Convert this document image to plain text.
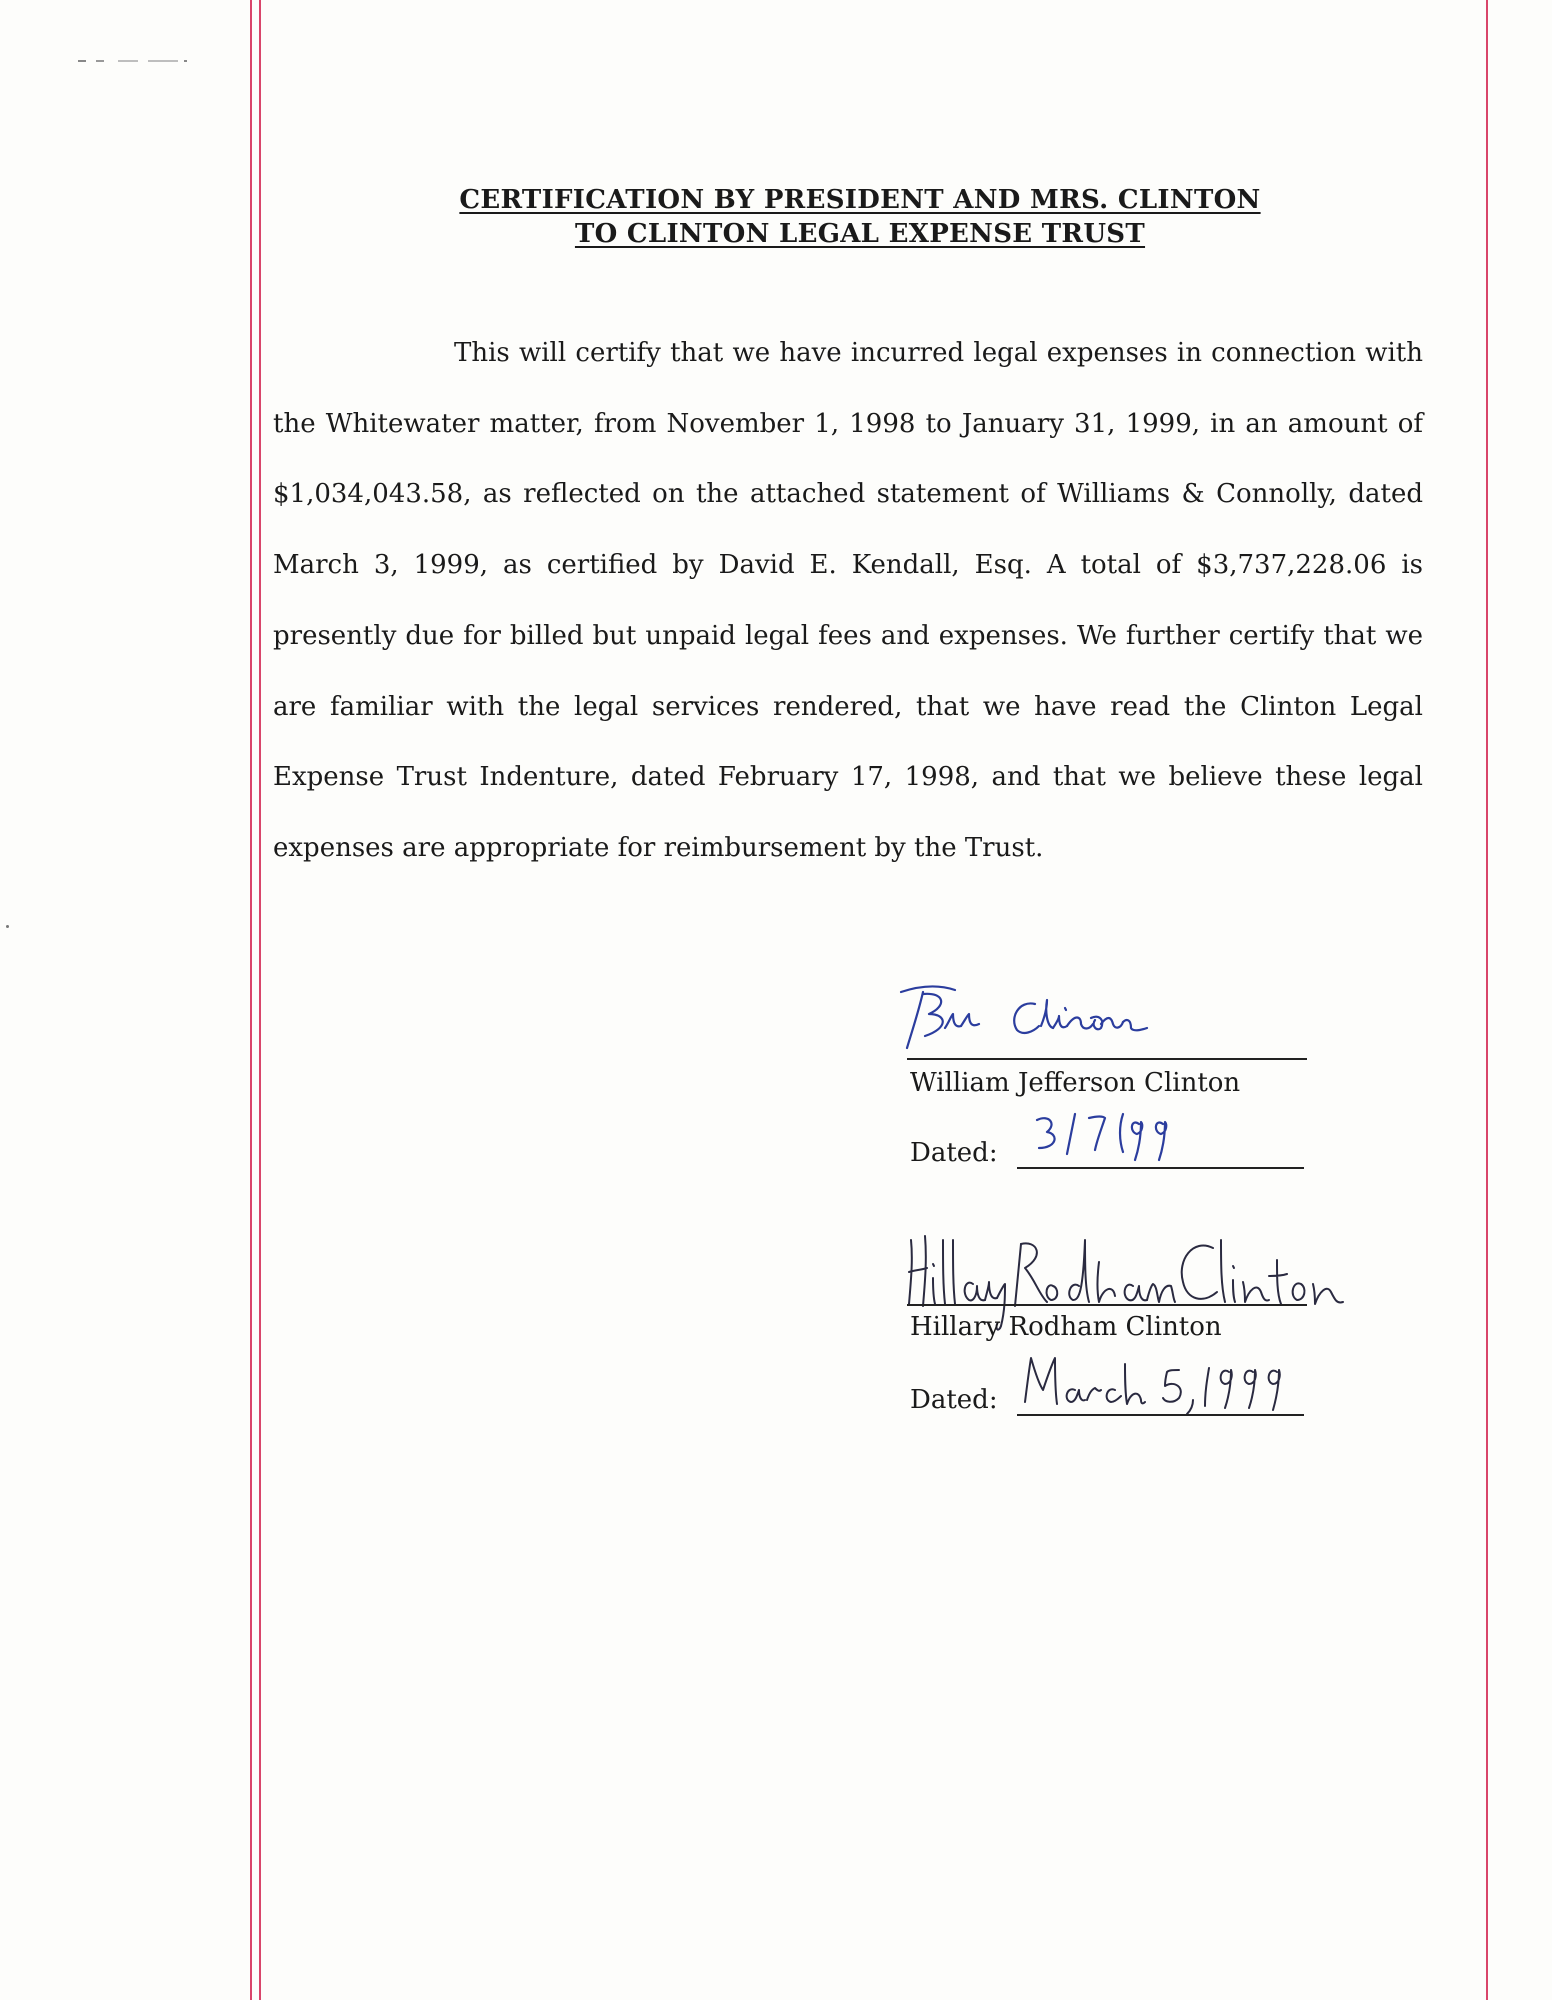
CERTIFICATION BY PRESIDENT AND MRS. CLINTON
TO CLINTON LEGAL EXPENSE TRUST

This will certify that we have incurred legal expenses in connection with the Whitewater matter, from November 1, 1998 to January 31, 1999, in an amount of $1,034,043.58, as reflected on the attached statement of Williams & Connolly, dated March 3, 1999, as certified by David E. Kendall, Esq. A total of $3,737,228.06 is presently due for billed but unpaid legal fees and expenses. We further certify that we are familiar with the legal services rendered, that we have read the Clinton Legal Expense Trust Indenture, dated February 17, 1998, and that we believe these legal expenses are appropriate for reimbursement by the Trust.

William Jefferson Clinton
Dated:
Hillary Rodham Clinton
Dated:
